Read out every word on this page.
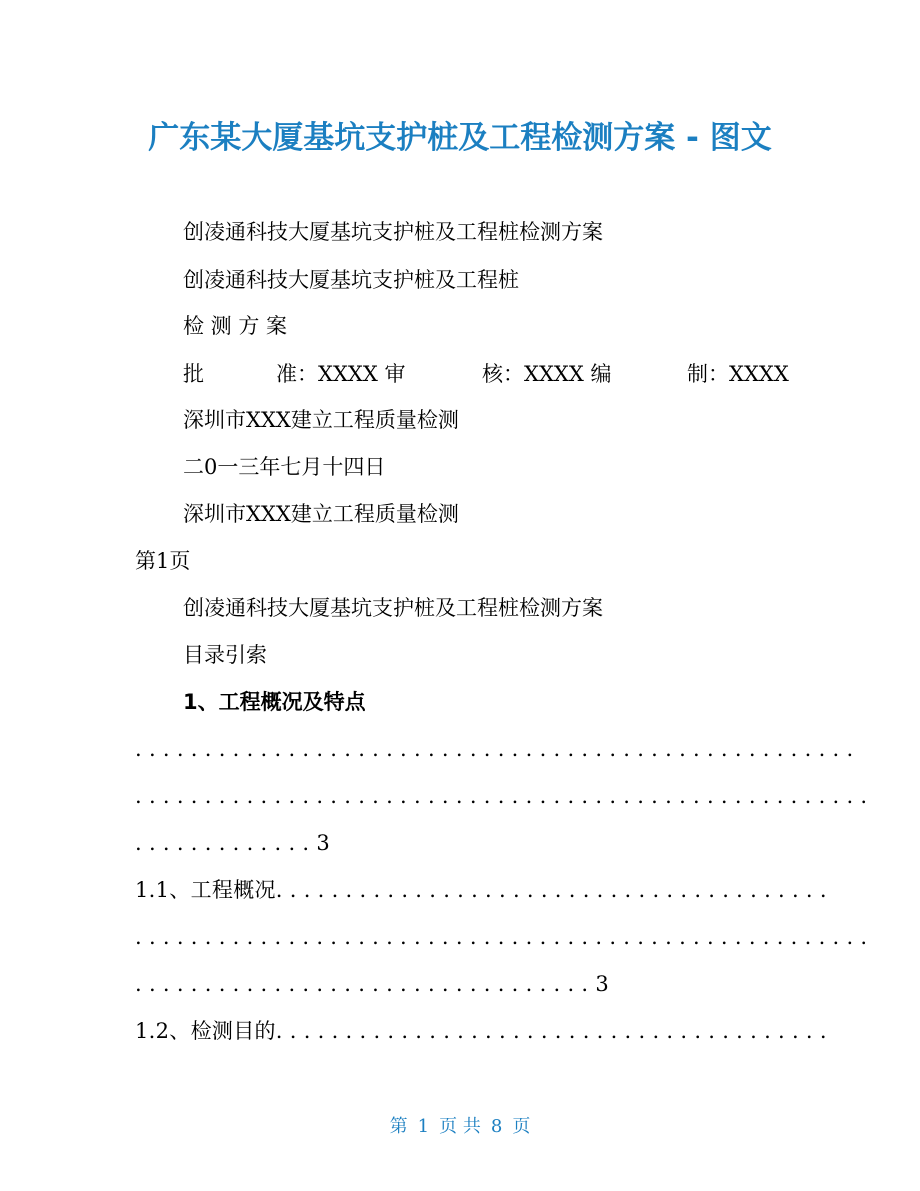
广东某大厦基坑支护桩及工程检测方案 - 图文
创凌通科技大厦基坑支护桩及工程桩检测方案
创凌通科技大厦基坑支护桩及工程桩
检 测 方 案
批	准：XXXX 审	核：XXXX 编	制：XXXX
深圳市XXX建立工程质量检测
二0一三年七月十四日
深圳市XXX建立工程质量检测
第1页
创凌通科技大厦基坑支护桩及工程桩检测方案
目录引索
1、工程概况及特点
. . . . . . . . . . . . . . . . . . . . . . . . . . . . . . . . . . . . . . . . . . . . . . . . . . . .
. . . . . . . . . . . . . . . . . . . . . . . . . . . . . . . . . . . . . . . . . . . . . . . . . . . . .
. . . . . . . . . . . . . 3
1.1、工程概况. . . . . . . . . . . . . . . . . . . . . . . . . . . . . . . . . . . . . . . .
. . . . . . . . . . . . . . . . . . . . . . . . . . . . . . . . . . . . . . . . . . . . . . . . . . . . .
. . . . . . . . . . . . . . . . . . . . . . . . . . . . . . . . . 3
1.2、检测目的. . . . . . . . . . . . . . . . . . . . . . . . . . . . . . . . . . . . . . . .
第 1 页 共 8 页
